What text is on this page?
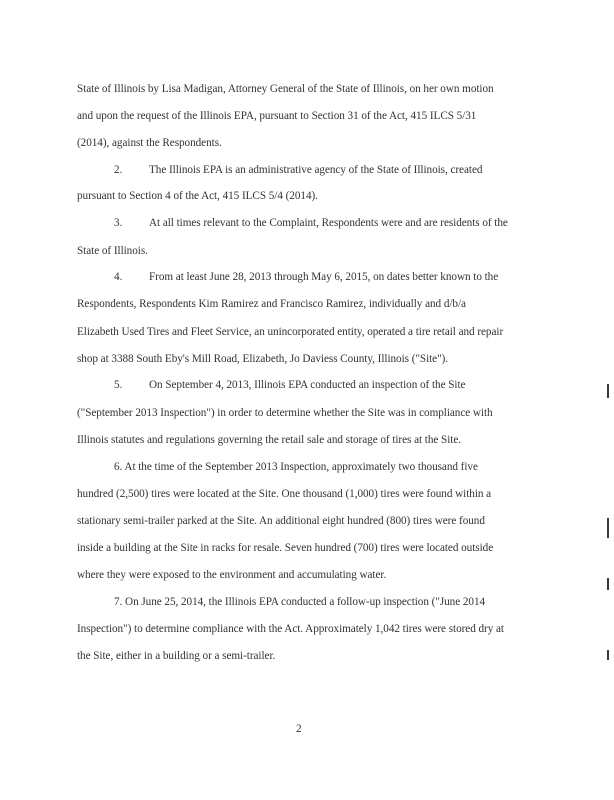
State of Illinois by Lisa Madigan, Attorney General of the State of Illinois, on her own motion
and upon the request of the Illinois EPA, pursuant to Section 31 of the Act, 415 ILCS 5/31
(2014), against the Respondents.
2. The Illinois EPA is an administrative agency of the State of Illinois, created
pursuant to Section 4 of the Act, 415 ILCS 5/4 (2014).
3. At all times relevant to the Complaint, Respondents were and are residents of the
State of Illinois.
4. From at least June 28, 2013 through May 6, 2015, on dates better known to the
Respondents, Respondents Kim Ramirez and Francisco Ramirez, individually and d/b/a
Elizabeth Used Tires and Fleet Service, an unincorporated entity, operated a tire retail and repair
shop at 3388 South Eby's Mill Road, Elizabeth, Jo Daviess County, Illinois ("Site").
5. On September 4, 2013, Illinois EPA conducted an inspection of the Site
("September 2013 Inspection") in order to determine whether the Site was in compliance with
Illinois statutes and regulations governing the retail sale and storage of tires at the Site.
6. At the time of the September 2013 Inspection, approximately two thousand five
hundred (2,500) tires were located at the Site. One thousand (1,000) tires were found within a
stationary semi-trailer parked at the Site. An additional eight hundred (800) tires were found
inside a building at the Site in racks for resale. Seven hundred (700) tires were located outside
where they were exposed to the environment and accumulating water.
7. On June 25, 2014, the Illinois EPA conducted a follow-up inspection ("June 2014
Inspection") to determine compliance with the Act. Approximately 1,042 tires were stored dry at
the Site, either in a building or a semi-trailer.
2
